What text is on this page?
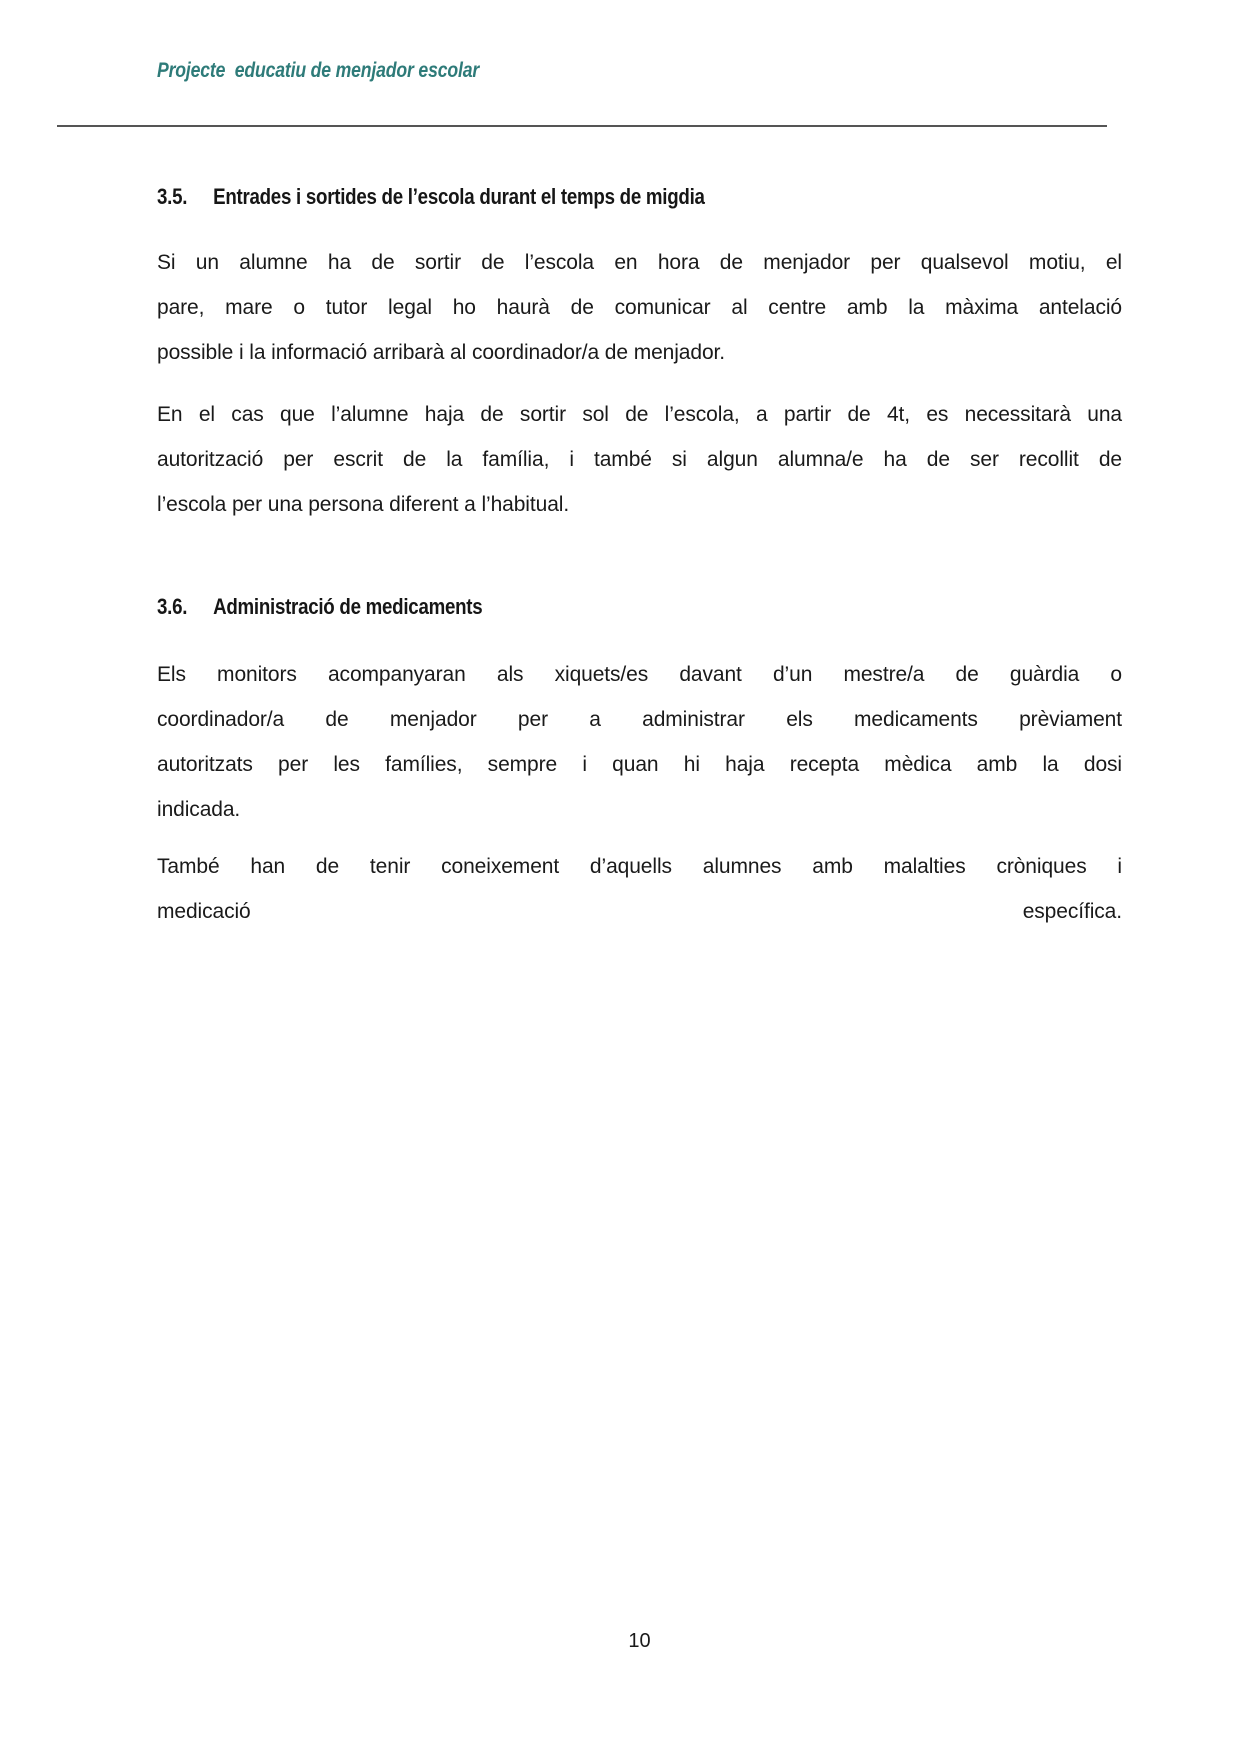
Projecte  educatiu de menjador escolar
3.5.	Entrades i sortides de l’escola durant el temps de migdia
Si un alumne ha de sortir de l’escola en hora de menjador per qualsevol motiu, el
pare, mare o tutor legal ho haurà de comunicar al centre amb la màxima antelació
possible i la informació arribarà al coordinador/a de menjador.
En el cas que l’alumne haja de sortir sol de l’escola, a partir de 4t, es necessitarà una
autorització per escrit de la família, i també si algun alumna/e ha de ser recollit de
l’escola per una persona diferent a l’habitual.
3.6.	Administració de medicaments
Els monitors acompanyaran als xiquets/es davant d’un mestre/a de guàrdia o
coordinador/a de menjador per a administrar els medicaments prèviament
autoritzats per les famílies, sempre i quan hi haja recepta mèdica amb la dosi
indicada.
També han de tenir coneixement d’aquells alumnes amb malalties cròniques i
medicació específica.
10
